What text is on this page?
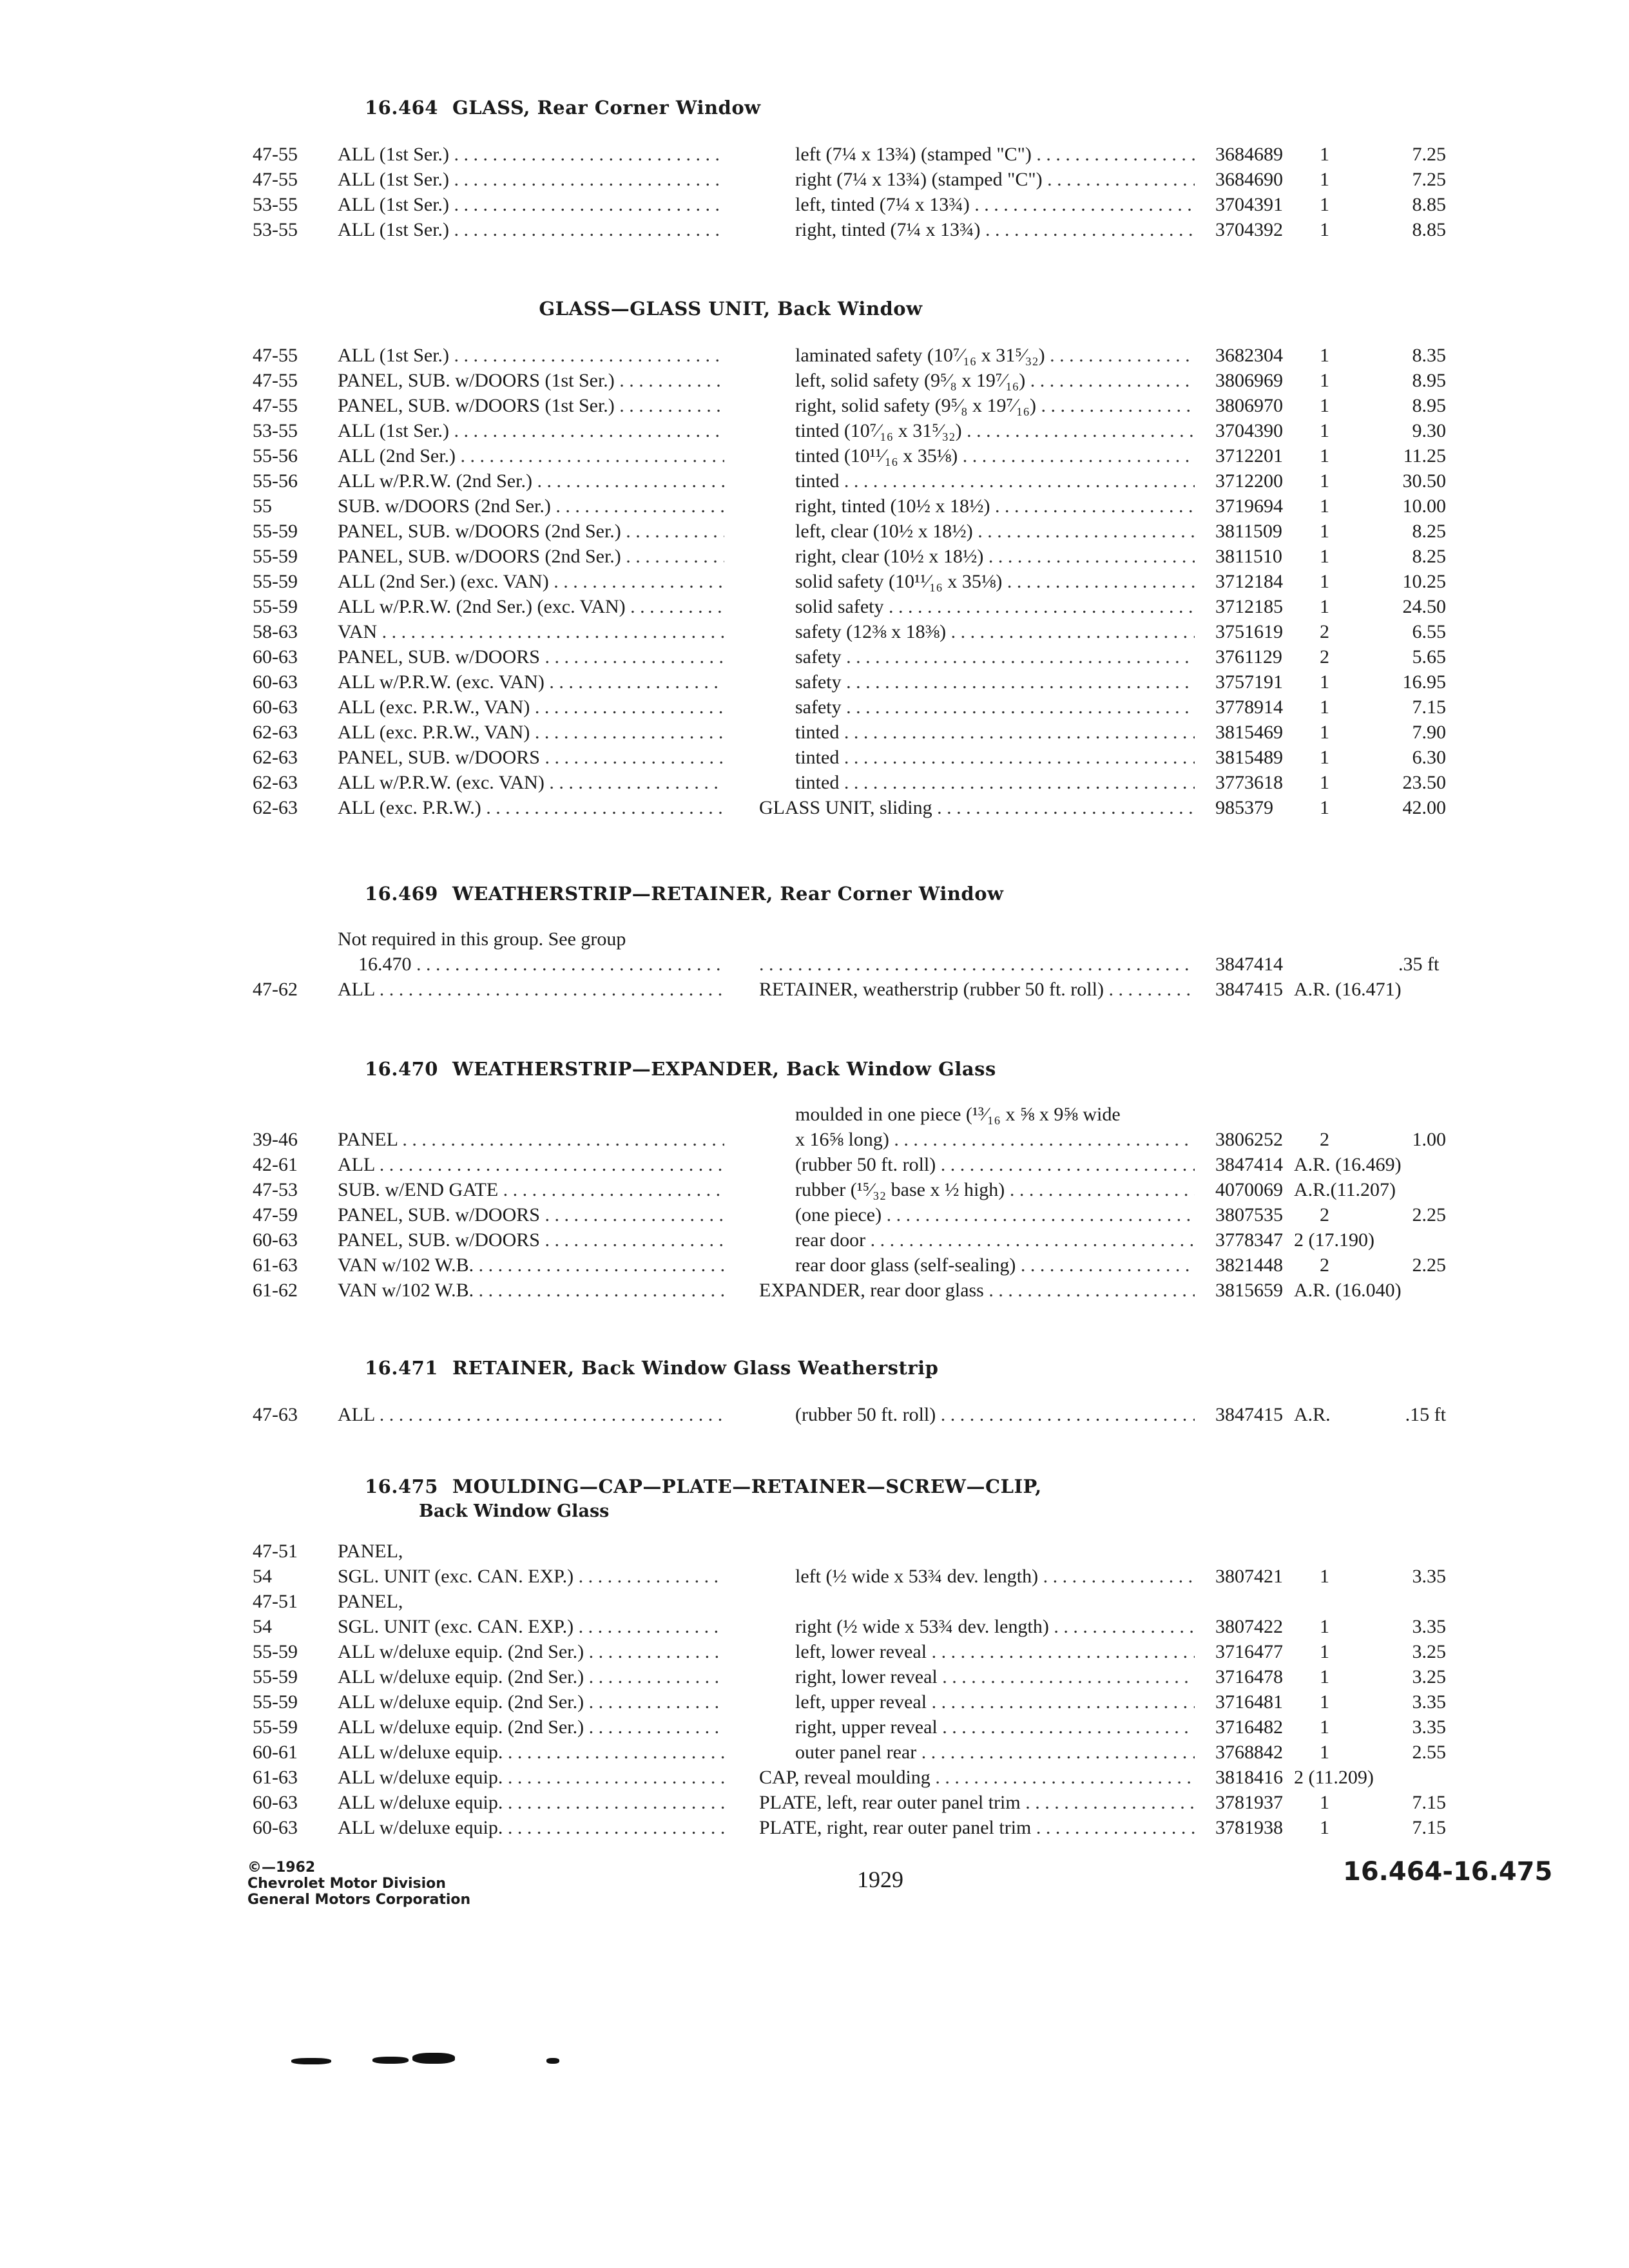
16.464 GLASS, Rear Corner Window
47-55 ALL (1st Ser.) . . .	left (7¼ x 13¾) (stamped "C") . . .	3684689 1	7.25
47-55 ALL (1st Ser.) . . .	right (7¼ x 13¾) (stamped "C") . . .	3684690 1	7.25
53-55 ALL (1st Ser.) . . .	left, tinted (7¼ x 13¾) . . .	3704391 1	8.85
53-55 ALL (1st Ser.) . . .	right, tinted (7¼ x 13¾) . . .	3704392 1	8.85
GLASS—GLASS UNIT, Back Window
47-55 ALL (1st Ser.) . . .	laminated safety (10⁷⁄₁₆ x 31⁵⁄₃₂) . . .	3682304 1	8.35
47-55 PANEL, SUB. w/DOORS (1st Ser.) . . .	left, solid safety (9⁵⁄₈ x 19⁷⁄₁₆) . . .	3806969 1	8.95
47-55 PANEL, SUB. w/DOORS (1st Ser.) . . .	right, solid safety (9⁵⁄₈ x 19⁷⁄₁₆) . . .	3806970 1	8.95
53-55 ALL (1st Ser.) . . .	tinted (10⁷⁄₁₆ x 31⁵⁄₃₂) . . .	3704390 1	9.30
55-56 ALL (2nd Ser.) . . .	tinted (10¹¹⁄₁₆ x 35⅛) . . .	3712201 1	11.25
55-56 ALL w/P.R.W. (2nd Ser.) . . .	tinted . . .	3712200 1	30.50
55	SUB. w/DOORS (2nd Ser.) . . .	right, tinted (10½ x 18½) . . .	3719694 1	10.00
55-59 PANEL, SUB. w/DOORS (2nd Ser.) . . .	left, clear (10½ x 18½) . . .	3811509 1	8.25
55-59 PANEL, SUB. w/DOORS (2nd Ser.) . . .	right, clear (10½ x 18½) . . .	3811510 1	8.25
55-59 ALL (2nd Ser.) (exc. VAN) . . .	solid safety (10¹¹⁄₁₆ x 35⅛) . . .	3712184 1	10.25
55-59 ALL w/P.R.W. (2nd Ser.) (exc. VAN) . . .	solid safety . . .	3712185 1	24.50
58-63 VAN . . .	safety (12⅜ x 18⅜) . . .	3751619 2	6.55
60-63 PANEL, SUB. w/DOORS . . .	safety . . .	3761129 2	5.65
60-63 ALL w/P.R.W. (exc. VAN) . . .	safety . . .	3757191 1	16.95
60-63 ALL (exc. P.R.W., VAN) . . .	safety . . .	3778914 1	7.15
62-63 ALL (exc. P.R.W., VAN) . . .	tinted . . .	3815469 1	7.90
62-63 PANEL, SUB. w/DOORS . . .	tinted . . .	3815489 1	6.30
62-63 ALL w/P.R.W. (exc. VAN) . . .	tinted . . .	3773618 1	23.50
62-63 ALL (exc. P.R.W.) . . .	GLASS UNIT, sliding . . .	985379 1	42.00
16.469 WEATHERSTRIP—RETAINER, Rear Corner Window
Not required in this group. See group
16.470 . . .
. . .	3847414	.35 ft
47-62 ALL . . .	RETAINER, weatherstrip (rubber 50 ft. roll) . . .	3847415 A.R. (16.471)
16.470 WEATHERSTRIP—EXPANDER, Back Window Glass
moulded in one piece (¹³⁄₁₆ x ⅝ x 9⅝ wide
39-46 PANEL . . .	x 16⅝ long) . . .	3806252 2	1.00
42-61 ALL . . .	(rubber 50 ft. roll) . . .	3847414 A.R. (16.469)
47-53 SUB. w/END GATE . . .	rubber (¹⁵⁄₃₂ base x ½ high) . . .	4070069 A.R.(11.207)
47-59 PANEL, SUB. w/DOORS . . .	(one piece) . . .	3807535 2	2.25
60-63 PANEL, SUB. w/DOORS . . .	rear door . . .	3778347 2 (17.190)
61-63 VAN w/102 W.B. . . .	rear door glass (self-sealing) . . .	3821448 2	2.25
61-62 VAN w/102 W.B. . . .	EXPANDER, rear door glass . . .	3815659 A.R. (16.040)
16.471 RETAINER, Back Window Glass Weatherstrip
47-63 ALL . . .	(rubber 50 ft. roll) . . .	3847415 A.R.	.15 ft
16.475 MOULDING—CAP—PLATE—RETAINER—SCREW—CLIP,
Back Window Glass
47-51 PANEL,
54	SGL. UNIT (exc. CAN. EXP.) . . .	left (½ wide x 53¾ dev. length) . . .	3807421 1	3.35
47-51 PANEL,
54	SGL. UNIT (exc. CAN. EXP.) . . .	right (½ wide x 53¾ dev. length) . . .	3807422 1	3.35
55-59 ALL w/deluxe equip. (2nd Ser.) . . .	left, lower reveal . . .	3716477 1	3.25
55-59 ALL w/deluxe equip. (2nd Ser.) . . .	right, lower reveal . . .	3716478 1	3.25
55-59 ALL w/deluxe equip. (2nd Ser.) . . .	left, upper reveal . . .	3716481 1	3.35
55-59 ALL w/deluxe equip. (2nd Ser.) . . .	right, upper reveal . . .	3716482 1	3.35
60-61 ALL w/deluxe equip. . . .	outer panel rear . . .	3768842 1	2.55
61-63 ALL w/deluxe equip. . . .	CAP, reveal moulding . . .	3818416 2 (11.209)
60-63 ALL w/deluxe equip. . . .	PLATE, left, rear outer panel trim . . .	3781937 1	7.15
60-63 ALL w/deluxe equip. . . .	PLATE, right, rear outer panel trim . . .	3781938 1	7.15
©—1962
Chevrolet Motor Division
General Motors Corporation
1929	16.464-16.475
